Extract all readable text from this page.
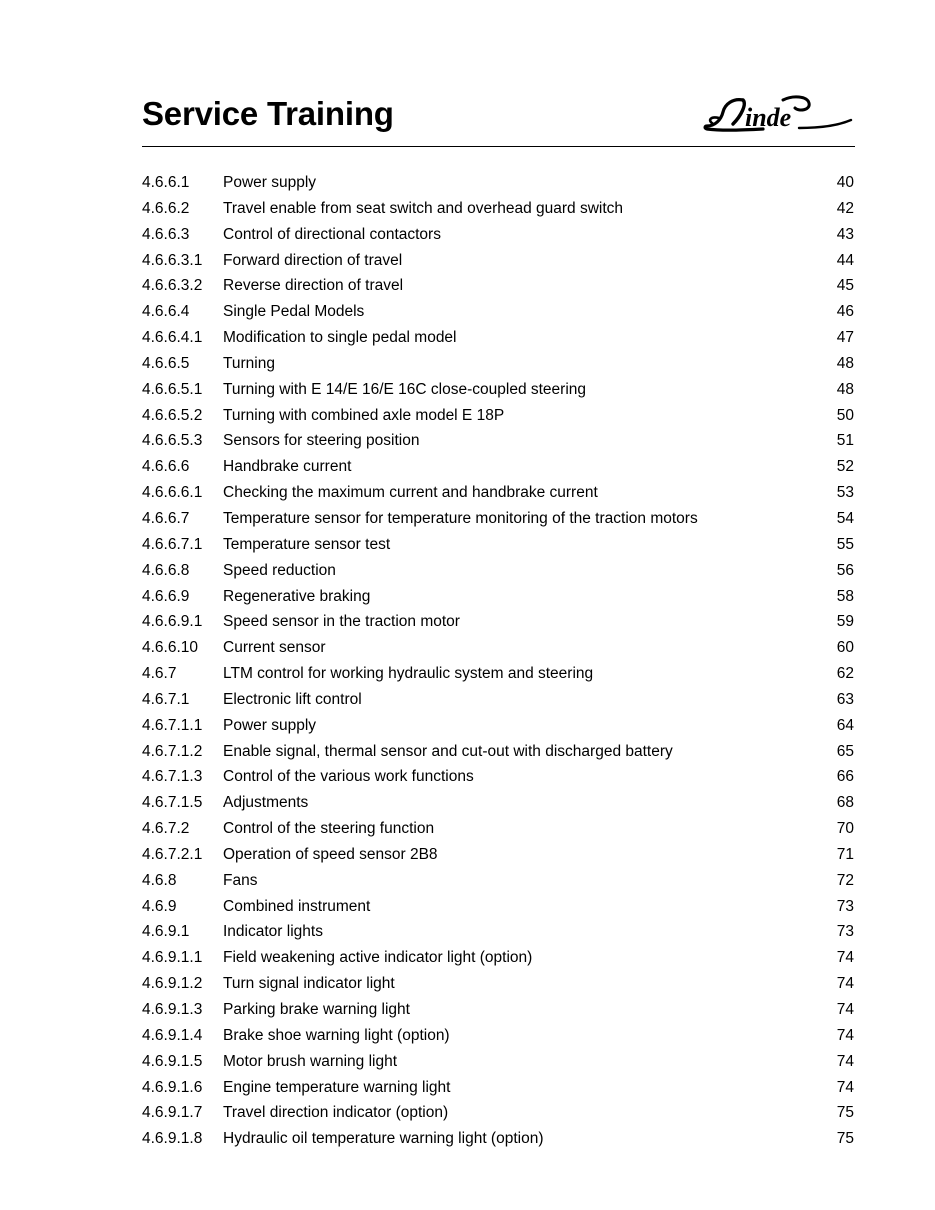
Service Training	inde
4.6.6.1 Power supply	40
4.6.6.2 Travel enable from seat switch and overhead guard switch	42
4.6.6.3 Control of directional contactors	43
4.6.6.3.1 Forward direction of travel	44
4.6.6.3.2 Reverse direction of travel	45
4.6.6.4 Single Pedal Models	46
4.6.6.4.1 Modification to single pedal model	47
4.6.6.5 Turning	48
4.6.6.5.1 Turning with E 14/E 16/E 16C close-coupled steering	48
4.6.6.5.2 Turning with combined axle model E 18P	50
4.6.6.5.3 Sensors for steering position	51
4.6.6.6 Handbrake current	52
4.6.6.6.1 Checking the maximum current and handbrake current	53
4.6.6.7 Temperature sensor for temperature monitoring of the traction motors	54
4.6.6.7.1 Temperature sensor test	55
4.6.6.8 Speed reduction	56
4.6.6.9 Regenerative braking	58
4.6.6.9.1 Speed sensor in the traction motor	59
4.6.6.10 Current sensor	60
4.6.7	LTM control for working hydraulic system and steering	62
4.6.7.1 Electronic lift control	63
4.6.7.1.1 Power supply	64
4.6.7.1.2 Enable signal, thermal sensor and cut-out with discharged battery	65
4.6.7.1.3 Control of the various work functions	66
4.6.7.1.5 Adjustments	68
4.6.7.2 Control of the steering function	70
4.6.7.2.1 Operation of speed sensor 2B8	71
4.6.8	Fans	72
4.6.9	Combined instrument	73
4.6.9.1 Indicator lights	73
4.6.9.1.1 Field weakening active indicator light (option)	74
4.6.9.1.2 Turn signal indicator light	74
4.6.9.1.3 Parking brake warning light	74
4.6.9.1.4 Brake shoe warning light (option)	74
4.6.9.1.5 Motor brush warning light	74
4.6.9.1.6 Engine temperature warning light	74
4.6.9.1.7 Travel direction indicator (option)	75
4.6.9.1.8 Hydraulic oil temperature warning light (option)	75
